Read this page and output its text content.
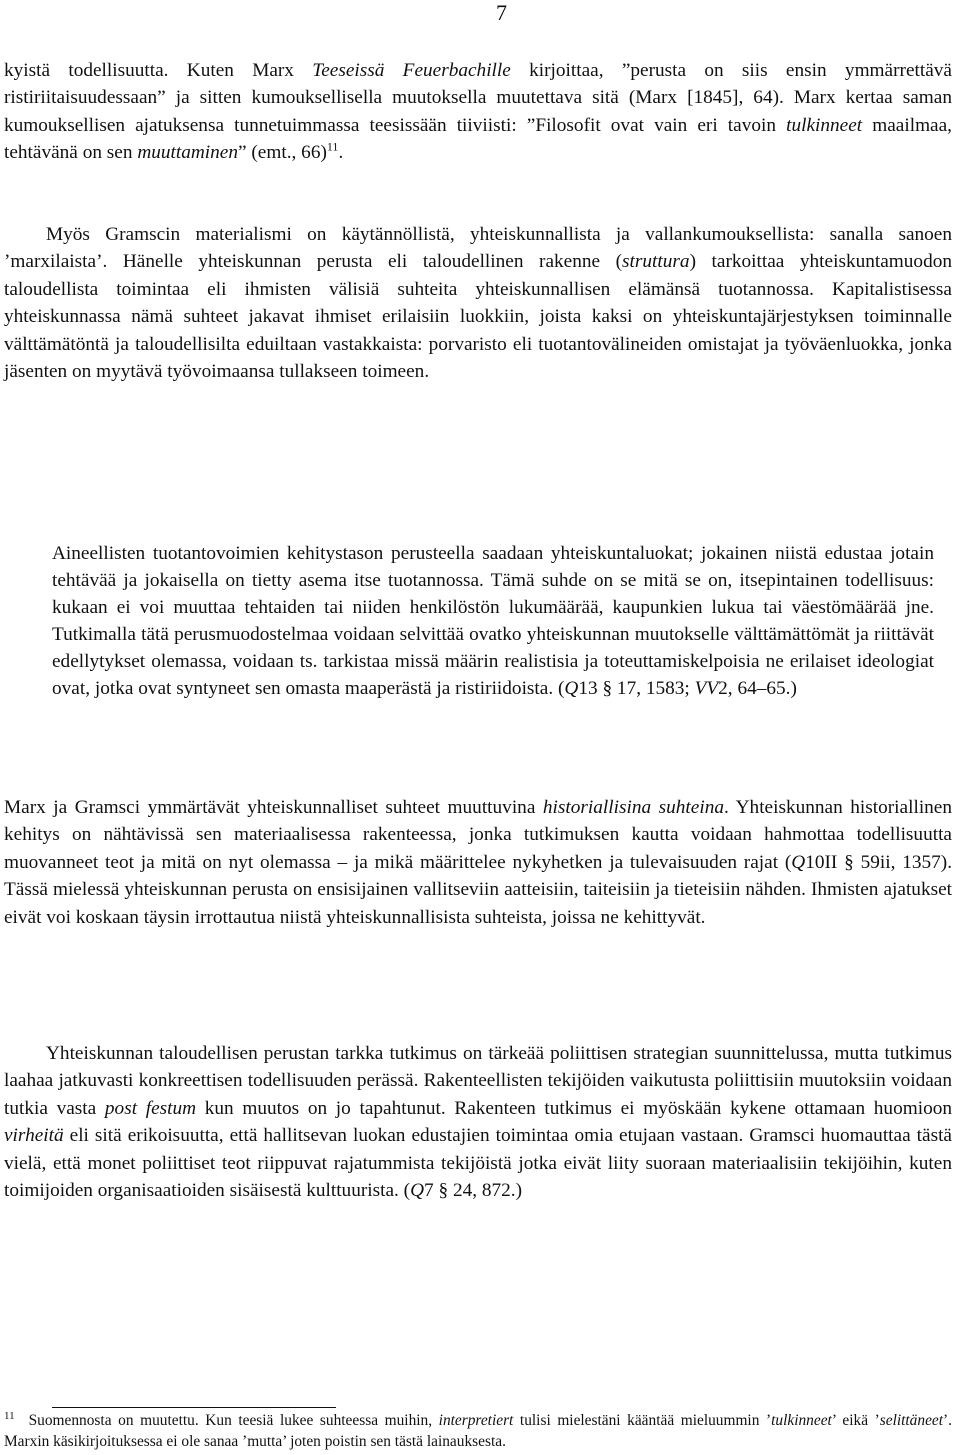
7

kyistä todellisuutta. Kuten Marx Teeseissä Feuerbachille kirjoittaa, ”perusta on siis ensin ymmärrettävä ristiriitaisuudessaan” ja sitten kumouksellisella muutoksella muutettava sitä (Marx [1845], 64). Marx kertaa saman kumouksellisen ajatuksensa tunnetuimmassa teesissään tiiviisti: ”Filosofit ovat vain eri tavoin tulkinneet maailmaa, tehtävänä on sen muuttaminen” (emt., 66)$^{11}$.

Myös Gramscin materialismi on käytännöllistä, yhteiskunnallista ja vallankumouksellista: sanalla sanoen ’marxilaista’. Hänelle yhteiskunnan perusta eli taloudellinen rakenne (struttura) tarkoittaa yhteiskuntamuodon taloudellista toimintaa eli ihmisten välisiä suhteita yhteiskunnallisen elämänsä tuotannossa. Kapitalistisessa yhteiskunnassa nämä suhteet jakavat ihmiset erilaisiin luokkiin, joista kaksi on yhteiskuntajärjestyksen toiminnalle välttämätöntä ja taloudellisilta eduiltaan vastakkaista: porvaristo eli tuotantovälineiden omistajat ja työväenluokka, jonka jäsenten on myytävä työvoimaansa tullakseen toimeen.

Aineellisten tuotantovoimien kehitystason perusteella saadaan yhteiskuntaluokat; jokainen niistä edustaa jotain tehtävää ja jokaisella on tietty asema itse tuotannossa. Tämä suhde on se mitä se on, itsepintainen todellisuus: kukaan ei voi muuttaa tehtaiden tai niiden henkilöstön lukumäärää, kaupunkien lukua tai väestömäärää jne. Tutkimalla tätä perusmuodostelmaa voidaan selvittää ovatko yhteiskunnan muutokselle välttämättömät ja riittävät edellytykset olemassa, voidaan ts. tarkistaa missä määrin realistisia ja toteuttamiskelpoisia ne erilaiset ideologiat ovat, jotka ovat syntyneet sen omasta maaperästä ja ristiriidoista. (Q13 § 17, 1583; VV2, 64–65.)

Marx ja Gramsci ymmärtävät yhteiskunnalliset suhteet muuttuvina historiallisina suhteina. Yhteiskunnan historiallinen kehitys on nähtävissä sen materiaalisessa rakenteessa, jonka tutkimuksen kautta voidaan hahmottaa todellisuutta muovanneet teot ja mitä on nyt olemassa – ja mikä määrittelee nykyhetken ja tulevaisuuden rajat (Q10II § 59ii, 1357). Tässä mielessä yhteiskunnan perusta on ensisijainen vallitseviin aatteisiin, taiteisiin ja tieteisiin nähden. Ihmisten ajatukset eivät voi koskaan täysin irrottautua niistä yhteiskunnallisista suhteista, joissa ne kehittyvät.

Yhteiskunnan taloudellisen perustan tarkka tutkimus on tärkeää poliittisen strategian suunnittelussa, mutta tutkimus laahaa jatkuvasti konkreettisen todellisuuden perässä. Rakenteellisten tekijöiden vaikutusta poliittisiin muutoksiin voidaan tutkia vasta post festum kun muutos on jo tapahtunut. Rakenteen tutkimus ei myöskään kykene ottamaan huomioon virheitä eli sitä erikoisuutta, että hallitsevan luokan edustajien toimintaa omia etujaan vastaan. Gramsci huomauttaa tästä vielä, että monet poliittiset teot riippuvat rajatummista tekijöistä jotka eivät liity suoraan materiaalisiin tekijöihin, kuten toimijoiden organisaatioiden sisäisestä kulttuurista. (Q7 § 24, 872.)

$^{11}$ Suomennosta on muutettu. Kun teesiä lukee suhteessa muihin, interpretiert tulisi mielestäni kääntää mieluummin ’tulkinneet’ eikä ’selittäneet’. Marxin käsikirjoituksessa ei ole sanaa ’mutta’ joten poistin sen tästä lainauksesta.
